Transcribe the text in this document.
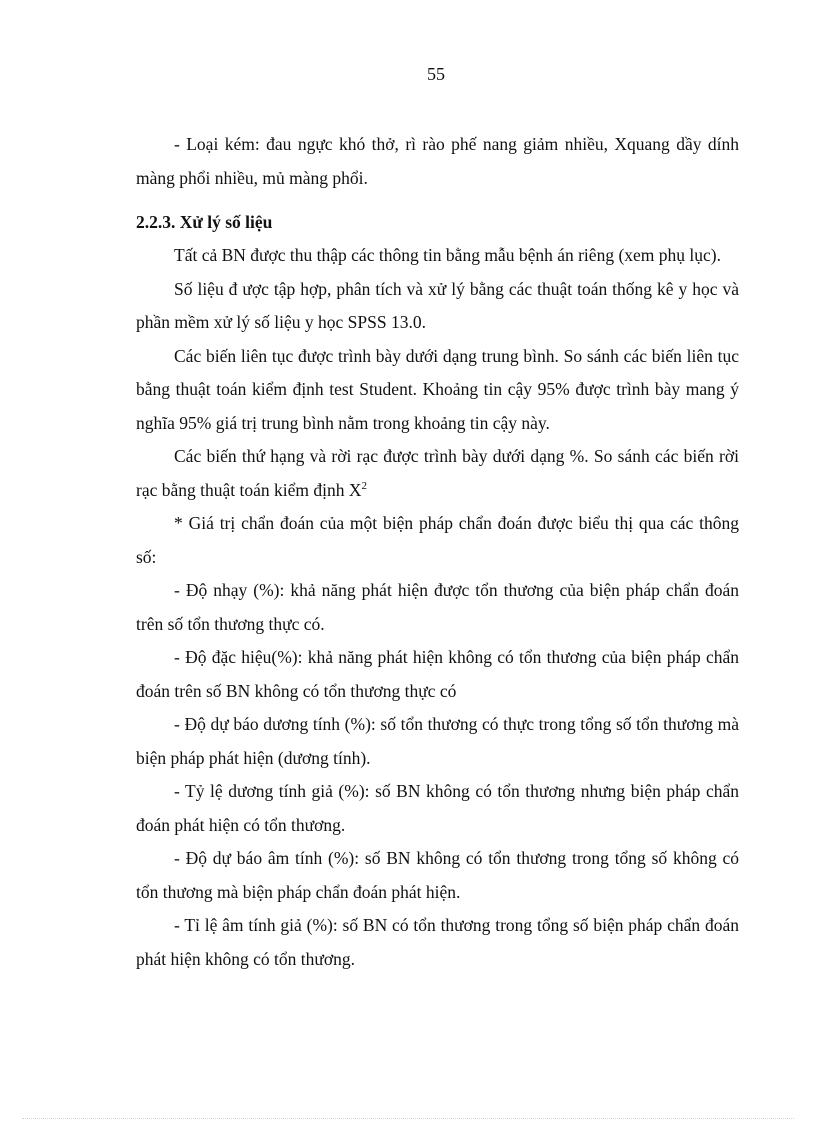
55

- Loại kém: đau ngực khó thở, rì rào phế nang giảm nhiều, Xquang dầy dính màng phổi nhiều, mủ màng phổi.

2.2.3. Xử lý số liệu

Tất cả BN được thu thập các thông tin bằng mẫu bệnh án riêng (xem phụ lục).

Số liệu đ ược tập hợp, phân tích và xử lý bằng các thuật toán thống kê y học và phần mềm xử lý số liệu y học SPSS 13.0.

Các biến liên tục được trình bày dưới dạng trung bình. So sánh các biến liên tục bằng thuật toán kiểm định test Student. Khoảng tin cậy 95% được trình bày mang ý nghĩa 95% giá trị trung bình nằm trong khoảng tin cậy này.

Các biến thứ hạng và rời rạc được trình bày dưới dạng %. So sánh các biến rời rạc bằng thuật toán kiểm định $X^2$

* Giá trị chẩn đoán của một biện pháp chẩn đoán được biểu thị qua các thông số:

- Độ nhạy (%): khả năng phát hiện được tổn thương của biện pháp chẩn đoán trên số tổn thương thực có.

- Độ đặc hiệu(%): khả năng phát hiện không có tổn thương của biện pháp chẩn đoán trên số BN không có tổn thương thực có

- Độ dự báo dương tính (%): số tổn thương có thực trong tổng số tổn thương mà biện pháp phát hiện (dương tính).

- Tỷ lệ dương tính giả (%): số BN không có tổn thương nhưng biện pháp chẩn đoán phát hiện có tổn thương.

- Độ dự báo âm tính (%): số BN không có tổn thương trong tổng số không có tổn thương mà biện pháp chẩn đoán phát hiện.

- Tỉ lệ âm tính giả (%): số BN có tổn thương trong tổng số biện pháp chẩn đoán phát hiện không có tổn thương.
